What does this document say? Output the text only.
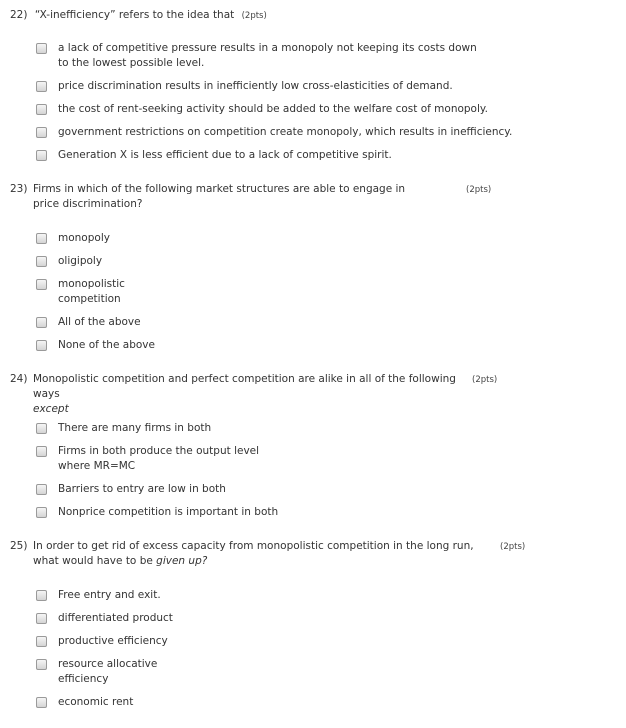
22) “X-inefficiency” refers to the idea that (2pts)
a lack of competitive pressure results in a monopoly not keeping its costs down to the lowest possible level.
price discrimination results in inefficiently low cross-elasticities of demand.
the cost of rent-seeking activity should be added to the welfare cost of monopoly.
government restrictions on competition create monopoly, which results in inefficiency.
Generation X is less efficient due to a lack of competitive spirit.
23) Firms in which of the following market structures are able to engage in price discrimination?
(2pts)
monopoly
oligipoly
monopolistic competition
All of the above
None of the above
24) Monopolistic competition and perfect competition are alike in all of the following ways
except
(2pts)
There are many firms in both
Firms in both produce the output level where MR=MC
Barriers to entry are low in both
Nonprice competition is important in both
25) In order to get rid of excess capacity from monopolistic competition in the long run, what would have to be given up?
(2pts)
Free entry and exit.
differentiated product
productive efficiency
resource allocative efficiency
economic rent
